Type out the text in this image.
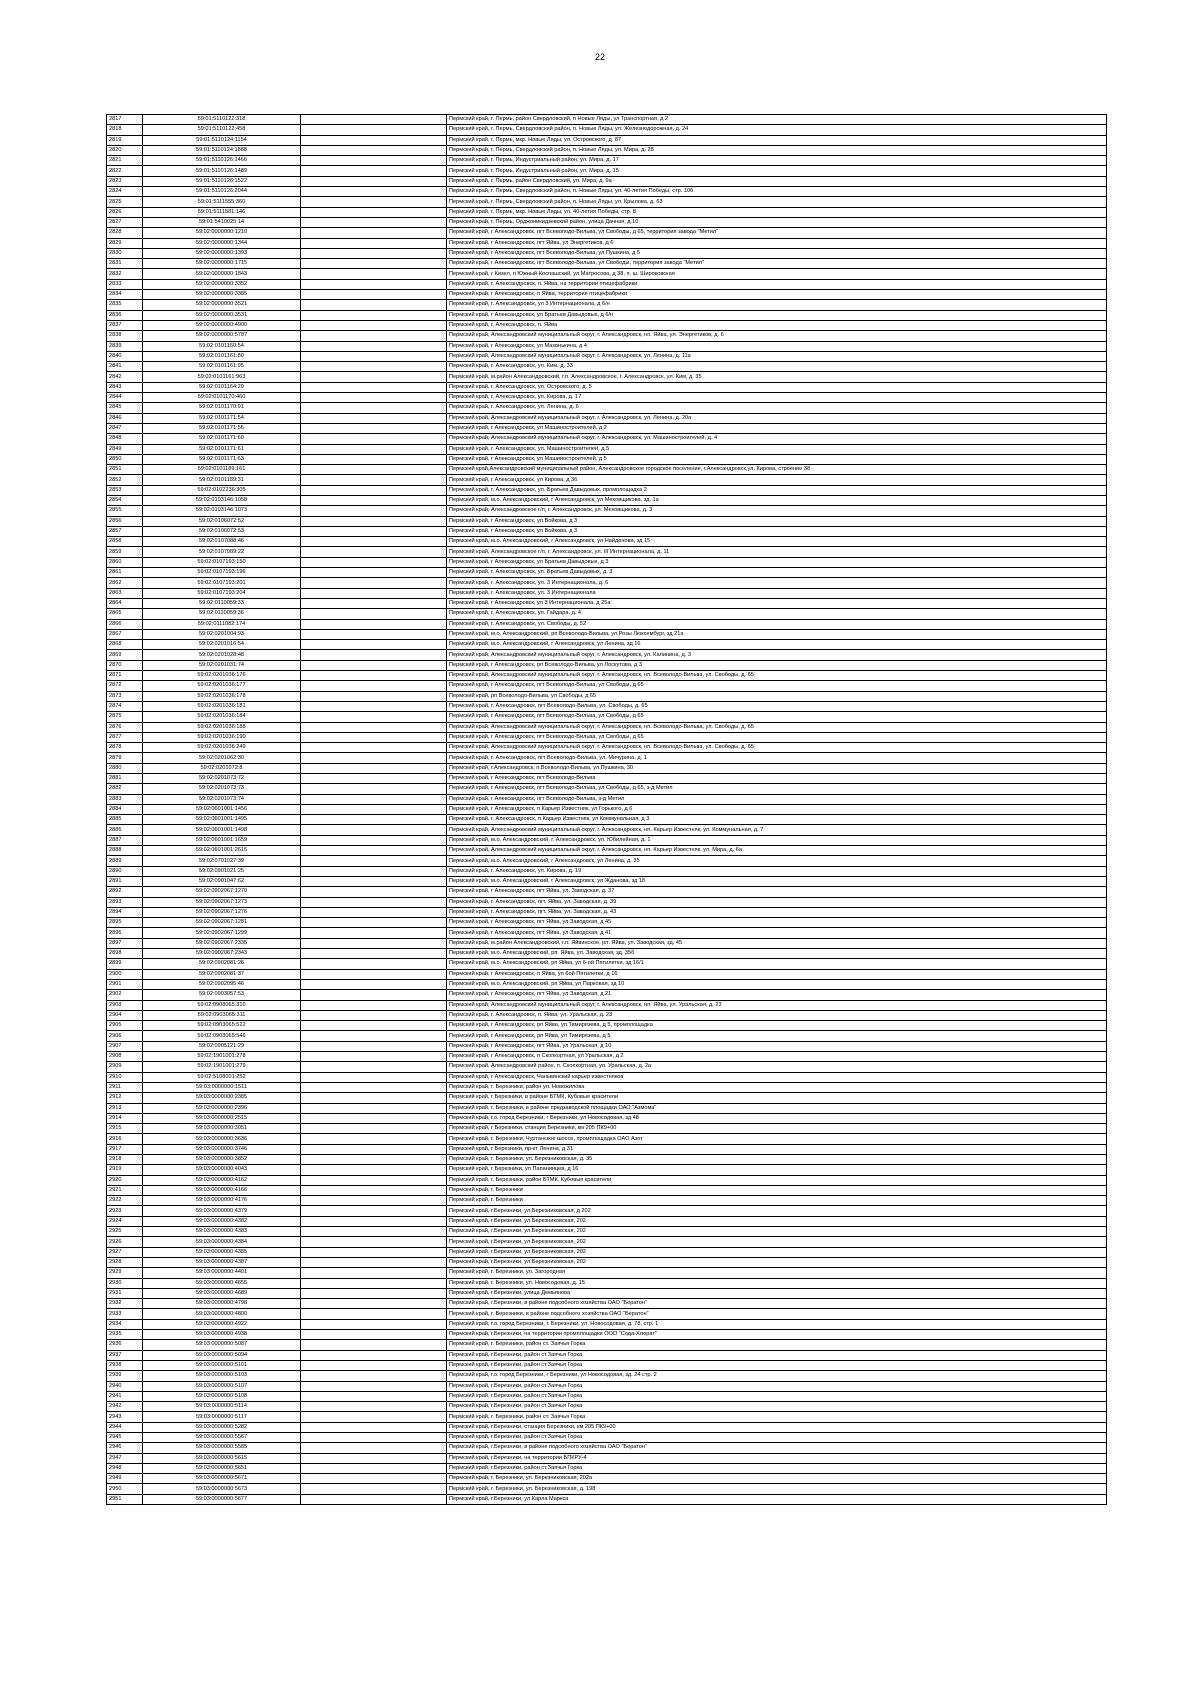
22
2817	59:01:5110122:318		Пермский край, г. Пермь, район Свердловский, п Новые Ляды, ул Транспортная, д 2
2818	59:01:5110122:458		Пермский край, г. Пермь, Свердловский район, п. Новые Ляды, ул. Железнодорожная, д. 24
2819	59:01:5110124:1154		Пермский край, г. Пермь, мкр. Новые Ляды, ул. Островского, д. 87
2820	59:01:5110124:1888		Пермский край, г. Пермь, Свердловский район, п. Новые Ляды, ул. Мира, д. 28
2821	59:01:5110126:1466		Пермский край, г. Пермь, Индустриальный район, ул. Мира, д. 17
2822	59:01:5110126:1489		Пермский край, г. Пермь, Индустриальный район, ул. Мира, д. 15
2823	59:01:5110126:1522		Пермский край, г. Пермь, район Свердловский, ул. Мира, д. 9а
2824	59:01:5110126:2044		Пермский край, г. Пермь, Свердловский район, п. Новые Ляды, ул. 40-летия Победы, стр. 10б
2825	59:01:5111555:360		Пермский край, г. Пермь, Свердловский район, п. Новые Ляды, ул. Крылова, д. 63
2826	59:01:5111581:146		Пермский край, г. Пермь, мкр. Новые Ляды, ул. 40-летия Победы, стр. 8
2827	59:01:5410025:14		Пермский край, г. Пермь, Орджоникидзевский район, улица Дачная, д.10
2828	59:02:0000000:1210		Пермский край, г Александровск, пгт Всеволодо-Вильва, ул Свободы, д 65, территория завода "Метил"
2829	59:02:0000000:1344		Пермский край, г Александровск, пгт Яйва, ул Энергетиков, д 6
2830	59:02:0000000:1393		Пермский край, г Александровск, пгт Всеволодо-Вильва, ул Пушкина, д 5
2831	59:02:0000000:1715		Пермский край, г Александровск, пгт Всеволодо-Вильва, ул Свободы, территория завода "Метил"
2832	59:02:0000000:1843		Пермский край, г Кизел, п Южный-Коспашский, ул Матросова, д 38, п. ш. Широковская
2833	59:02:0000000:3352		Пермский край, г. Александровск, п. Яйва, на территории птицефабрики
2834	59:02:0000000:3385		Пермский край, г Александровск, п Яйва, территория птицефабрики
2835	59:02:0000000:3521		Пермский край, г. Александровск, ул 3 Интернационала, д 6/н
2836	59:02:0000000:3531		Пермский край, г Александровск, ул Братьев Давыдовых, д 6/н
2837	59:02:0000000:4900		Пермский край, г. Александровск, п. Яйва
2838	59:02:0000000:5787		Пермский край, Александровский муниципальный округ, г. Александровск, нп. Яйва, ул. Энергетиков, д. 6
2839	59:02:0101160:54		Пермский край, г Александровск, ул Махонькина, д 4
2840	59:02:0101161:80		Пермский край, Александровский муниципальный округ, г. Александровск, ул. Ленина, д. 11а
2841	59:02:0101161:95		Пермский край, г. Александровск, ул. Ким, д. 33
2842	59:02:0101161:963		Пермский край, м.район Александровский, г.п. Александровское, г. Александровск, ул. Ким, д. 35
2843	59:02:0101164:29		Пермский край, г. Александровск, ул. Островского, д. 5
2844	59:02:0101170:460		Пермский край, г. Александровск, ул. Кирова, д. 17
2845	59:02:0101170:91		Пермский край, г. Александровск, ул. Ленина, д. 6
2846	59:02:0101171:54		Пермский край, Александровский муниципальный округ, г. Александровск, ул. Ленина, д. 20а
2847	59:02:0101171:56		Пермский край, г Александровск, ул Машиностроителей, д 2
2848	59:02:0101171:60		Пермский край, Александровский муниципальный округ, г. Александровск, ул. Машиностроителей, д. 4
2849	59:02:0101171:61		Пермский край, г. Александровск, ул. Машиностроителей, д.5
2850	59:02:0101171:63		Пермский край, г Александровск, ул Машиностроителей, д 5
2851	59:02:0101189:161		Пермский край,Александровский муниципальный район, Александровское городское поселение, г.Александровск,ул. Кирова, строение 38
2852	59:02:0101189:31		Пермский край, г Александровск, ул Кирова, д 36
2853	59:02:0102236:305		Пермский край, г. Александровск, ул. Братьев Давыдовых, промплощадка 2
2854	59:02:0103146:1058		Пермский край, м.о. Александровский, г Александровск, ул Меховщикова, зд. 1а
2855	59:02:0103146:1073		Пермский край, Александровское г/п, г. Александровск, ул. Меховщикова, д. 3
2856	59:02:0106072:52		Пермский край, г Александровск, ул Войкова, д 3
2857	59:02:0106072:53		Пермский край, г Александровск, ул Войкова, д 3
2858	59:02:0107088:46		Пермский край, м.о. Александровский, г Александровск, ул Найденова, зд 15
2859	59:02:0107089:22		Пермский край, Александровское г/п, г. Александровск, ул. III Интернационала, д. 11
2860	59:02:0107193:150		Пермский край, г Александровск, ул Братьев Давыдовых, д 3
2861	59:02:0107193:196		Пермский край, г. Александровск, ул. Братьев Давыдовых, д. 3
2862	59:02:0107193:201		Пермский край, г. Александровск, ул. 3 Интернационала, д. 6
2863	59:02:0107193:204		Пермский край, г. Александровск, ул. 3 Интернационала
2864	59:02:0110059:33		Пермский край, г Александровск, ул 3 Интернационала, д 25а
2865	59:02:0110059:36		Пермский край, г. Александровск, ул. Гайдара, д. 4
2866	59:02:0111082:174		Пермский край, г. Александровск, ул. Свободы, д. 52
2867	59:02:0201004:93		Пермский край, м.о. Александровский, рп Всеволодо-Вильва, ул Розы Люксембург, зд 21а
2868	59:02:0201016:54		Пермский край, м.о. Александровский, г Александровск, ул Ленина, зд 16
2869	59:02:0201028:48		Пермский край, Александровский муниципальный округ, г. Александровск, ул. Калинина, д. 3
2870	59:02:0201031:74		Пермский край, г Александровск, рп Всеволодо-Вильва, ул Лоскутова, д 3
2871	59:02:0201036:176		Пермский край, Александровский муниципальный округ, г. Александровск, нп. Всеволодо-Вильва, ул. Свободы, д. 65
2872	59:02:0201036:177		Пермский край, г Александровск, пгт Всеволодо-Вильва, ул Свободы, д 65
2873	59:02:0201036:178		Пермский край, рп Всеволодо-Вильва, ул Свободы, д 65
2874	59:02:0201036:181		Пермский край, г. Александровск, пгт Всеволодо-Вильва, ул. Свободы, д. 65
2875	59:02:0201036:184		Пермский край, г Александровск, пгт Всеволодо-Вильва, ул Свободы, д 65
2876	59:02:0201036:188		Пермский край, Александровский муниципальный округ, г. Александровск, нп. Всеволодо-Вильва, ул. Свободы, д. 65
2877	59:02:0201036:190		Пермский край, г Александровск, пгт Всеволодо-Вильва, ул Свободы, д 65
2878	59:02:0201036:249		Пермский край, Александровский муниципальный округ, г. Александровск, нп. Всеволодо-Вильва, ул. Свободы, д. 65
2879	59:02:0201062:30		Пермский край, г. Александровск, пгт Всеволодо-Вильва, ул. Мичурина, д. 1
2880	59:02:0201072:8		Пермский край, г.Александровск, п.Всеволодо-Вильва, ул.Пушкина, 30
2881	59:02:0201073:72		Пермский край, г Александровск, пгт Всеволодо-Вильва
2882	59:02:0201073:73		Пермский край, г Александровск, пгт Всеволодо-Вильва, ул Свободы, д 65, з-д Метил
2883	59:02:0201073:74		Пермский край, г Александровск, пгт Всеволодо-Вильва, з-д Метил
2884	59:02:0601001:1456		Пермский край, г Александровск, п Карьер Известняк, ул Горького, д 6
2885	59:02:0601001:1495		Пермский край, г. Александровск, п Карьер Известняк, ул Коммунальная, д 3
2886	59:02:0601001:1498		Пермский край, Александровский муниципальный округ, г. Александровск, нп. Карьер Известняк, ул. Коммунальная, д. 7
2887	59:02:0601001:1659		Пермский край, м.о. Александровский, г. Александровск, ул. Юбилейная, д. 1
2888	59:02:0601001:2616		Пермский край, Александровский муниципальный округ, г. Александровск, нп. Карьер Известняк, ул. Мира, д. 6а
2889	59:02:0701027:39		Пермский край, м.о. Александровский, г Александровск, ул Ленина, д. 35
2890	59:02:0901021:25		Пермский край, г. Александровск, ул. Кирова, д. 19
2891	59:02:0901047:62		Пермский край, м.о. Александровский, г Александровск, ул Жданова, зд 18
2892	59:02:0902067:1270		Пермский край, г Александровск, пгт Яйва, ул. Заводская, д. 37
2893	59:02:0902067:1273		Пермский край, г. Александровск, пгт. Яйва, ул. Заводская, д. 39
2894	59:02:0902067:1276		Пермский край, г. Александровск, пгт. Яйва, ул. Заводская, д. 43
2895	59:02:0902067:1281		Пермский край, г Александровск, пгт Яйва, ул Заводская, д 45
2896	59:02:0902067:1299		Пермский край, г Александровск, пгт Яйва, ул Заводская, д 41
2897	59:02:0902067:2335		Пермский край, м.район Александровский, г.п. Яйвинское, рп. Яйва, ул. Заводская, зд. 45
2898	59:02:0902067:2343		Пермский край, м.о. Александровский, рп. Яйва, ул. Заводская, зд. 35б
2899	59:02:0902081:26		Пермский край, м.о. Александровский, рп Яйва, ул 6-ой Пятилетки, зд 16/1
2900	59:02:0902081:37		Пермский край, г Александровск, п Яйва, ул 6ой Пятилетки, д 16
2901	59:02:0902095:46		Пермский край, м.о. Александровский, рп Яйва, ул Парковая, зд 10
2902	59:02:0903057:53		Пермский край, г Александровск, пгт Яйва, ул Заводская, д 21
2903	59:02:0903065:310		Пермский край, Александровский муниципальный округ, г. Александровск, нп. Яйва, ул. Уральская, д. 23
2904	59:02:0903065:311		Пермский край, г. Александровск, п. Яйва, ул. Уральская, д. 23
2905	59:02:0903065:522		Пермский край, г Александровск, рп Яйва, ул Тимирязева, д 5, промплощадка
2906	59:02:0903065:546		Пермский край, г Александровск, рп Яйва, ул Тимирязева, д 5
2907	59:02:0905121:29		Пермский край, г Александровск, пгт Яйва, ул Уральская, д 10
2908	59:02:1901001:278		Пермский край, г Александровск, п Скопкортная, ул Уральская, д 2
2909	59:02:1901001:279		Пермский край, Александровский район, п. Скопкортная, ул. Уральская, д. 2а
2910	59:02:5108001:252		Пермский край, г Александровск, Чаньвинский карьер известняков
2911	59:03:0000000:1511		Пермский край, г. Березники, район ул. Новожилова
2912	59:03:0000000:2385		Пермский край, г Березники, в районе БТМК, Кубовые красители
2913	59:03:0000000:2396		Пермский край, г. Березники, в районе предзаводской площадки ОАО "Азмома"
2914	59:03:0000000:2515		Пермский край, г.о. город Березники, г Березники, ул Новосодовая, зд 48
2915	59:03:0000000:3051		Пермский край, г Березники, станция Березники, км 205 ПК9+00
2916	59:03:0000000:3636		Пермский край, г. Березники, Чуртанское шоссе, промплощадка ОАО Азот
2917	59:03:0000000:3746		Пермский край, г Березники, пр-кт Ленина, д 31
2918	59:03:0000000:3852		Пермский край, г. Березники, ул. Березниковская, д. 35
2919	59:03:0000000:4043		Пермский край, г Березники, ул Папанинцев, д 16
2920	59:03:0000000:4162		Пермский край, г. Березники, район БТМК, Кубовые красители
2921	59:03:0000000:4166		Пермский край, г. Березники
2922	59:03:0000000:4176		Пермский край, г. Березники
2923	59:03:0000000:4379		Пермский край, г.Березники, ул.Березниковская, д 202
2924	59:03:0000000:4382		Пермский край, г.Березники, ул.Березниковская, 202
2925	59:03:0000000:4383		Пермский край, г.Березники, ул.Березниковская, 202
2926	59:03:0000000:4384		Пермский край, г.Березники, ул.Березниковская, 202
2927	59:03:0000000:4385		Пермский край, г.Березники, ул.Березниковская, 202
2928	59:03:0000000:4387		Пермский край, г.Березники, ул.Березниковская, 202
2929	59:03:0000000:4401		Пермский край, г. Березники, ул. Загородная
2930	59:03:0000000:4655		Пермский край, г. Березники, ул. Новосодовая, д. 15
2931	59:03:0000000:4689		Пермский край, г.Березники, улица Демьянова
2932	59:03:0000000:4798		Пермский край, г.Березники, в районе подсобного хозяйства ОАО "Бератон"
2933	59:03:0000000:4800		Пермский край, г. Березники, в районе подсобного хозяйства ОАО "Бератон"
2934	59:03:0000000:4922		Пермский край, г.о. город Березники, г. Березники, ул. Новосодовая, д. 78, стр. 1
2935	59:03:0000000:4938		Пермский край, г.Березники, на территории промплощадки ООО "Сода-Хлорат"
2936	59:03:0000000:5087		Пермский край, г. Березники, район ст. Заячья Горка
2937	59:03:0000000:5094		Пермский край, г.Березники, район ст.Заячья Горка
2938	59:03:0000000:5101		Пермский край, г.Березники, район ст.Заячья Горка
2939	59:03:0000000:5103		Пермский край, г.о. город Березники, г Березники, ул Новосодовая, зд. 24 стр. 2
2940	59:03:0000000:5107		Пермский край, г.Березники, район ст.Заячья Горка
2941	59:03:0000000:5108		Пермский край, г.Березники, район ст.Заячья Горка
2942	59:03:0000000:5114		Пермский край, г.Березники, район ст.Заячья Горка
2943	59:03:0000000:5117		Пермский край, г. Березники, район ст. Заячья Горка
2944	59:03:0000000:5282		Пермский край, г.Березники, станция Березники, км 205 ПК9+00
2945	59:03:0000000:5567		Пермский край, г.Березники, район ст.Заячья Горка
2946	59:03:0000000:5585		Пермский край, г.Березники, в районе подсобного хозяйства ОАО "Бератон"
2947	59:03:0000000:5615		Пермский край, г.Березники, на территории БПКРУ-4
2948	59:03:0000000:5651		Пермский край, г.Березники, район ст.Заячья Горка
2949	59:03:0000000:5671		Пермский край, г. Березники, ул. Березниковская, 202а
2950	59:03:0000000:5673		Пермский край, г. Березники, ул. Березниковская, д. 198
2951	59:03:0000000:5677		Пермский край, г.Березники, ул.Карла Маркса
